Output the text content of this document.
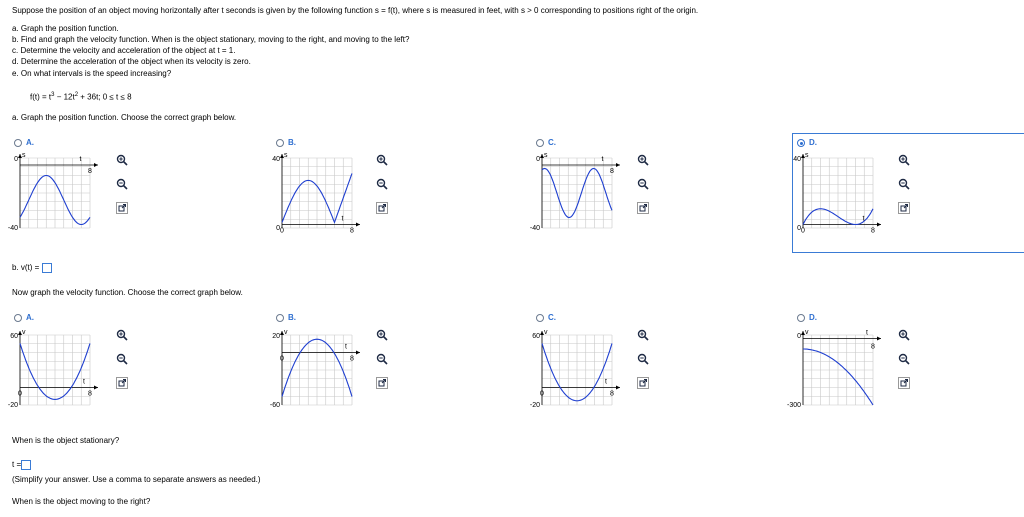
Suppose the position of an object moving horizontally after t seconds is given by the following function s = f(t), where s is measured in feet, with s > 0 corresponding to positions right of the origin.
a. Graph the position function.
b. Find and graph the velocity function. When is the object stationary, moving to the right, and moving to the left?
c. Determine the velocity and acceleration of the object at t = 1.
d. Determine the acceleration of the object when its velocity is zero.
e. On what intervals is the speed increasing?
$f(t) = t^3 - 12t^2 + 36t$; 0 ≤ t ≤ 8
a. Graph the position function. Choose the correct graph below.
A.
0
-40
s
t
8
B.
40
0
s
t
8
0
C.
0
-40
s
t
8
D.
40
0
s
t
8
0
b. v(t) =
Now graph the velocity function. Choose the correct graph below.
A.
60
-20
v
t
8
0
B.
20
-60
v
t
8
0
C.
60
-20
v
t
8
0
D.
0
-300
v	t
8
When is the object stationary?
t =
(Simplify your answer. Use a comma to separate answers as needed.)
When is the object moving to the right?
